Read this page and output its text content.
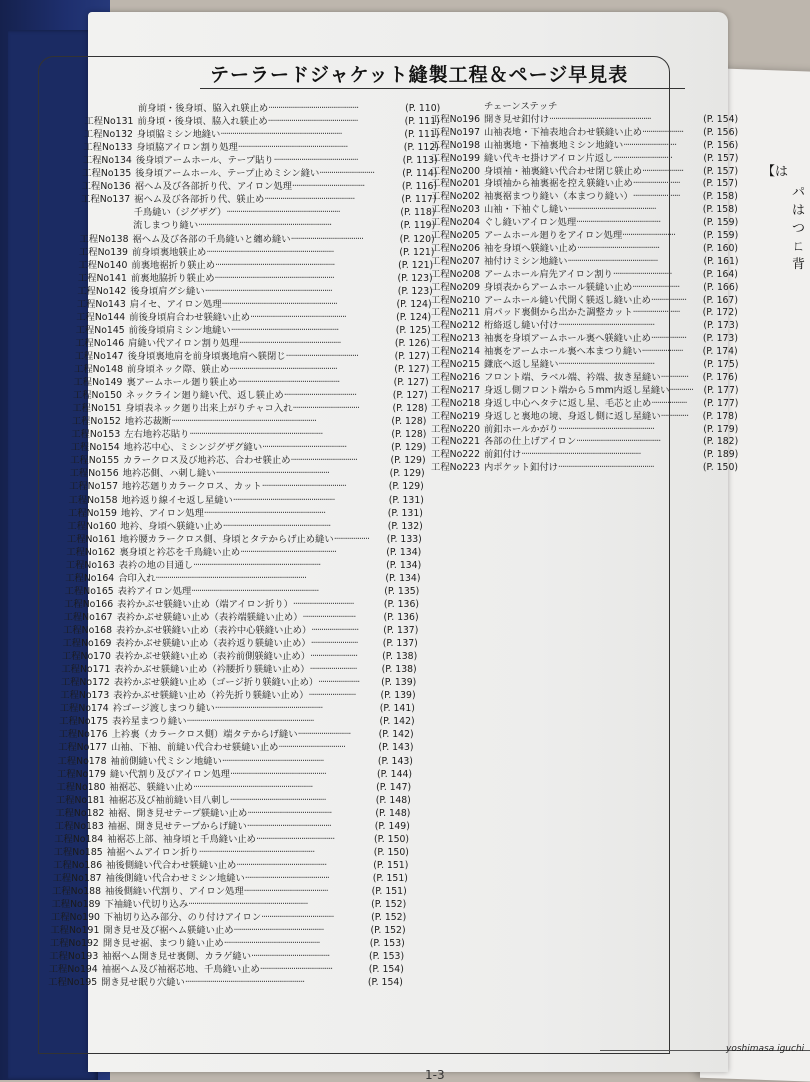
【は
パ
は
つ
ㄈ
背
テーラードジャケット縫製工程＆ページ早見表
前身頃・後身頃、脇入れ躾止め ··············································	(P. 110)
工程No131 前身頃・後身頃、脇入れ躾止め ··············································	(P. 111)
工程No132 身頃脇ミシン地縫い ······························································	(P. 111)
工程No133 身頃脇アイロン割り処理 ························································	(P. 112)
工程No134 後身頃アームホール、テープ貼り ···········································	(P. 113)
工程No135 後身頃アームホール、テープ止めミシン縫い ····························	(P. 114)
工程No136 裾ヘム及び各部折り代、アイロン処理 ·····································	(P. 116)
工程No137 裾ヘム及び各部折り代、躾止め ··············································	(P. 117)
千鳥縫い（ジグザグ） ··························································	(P. 118)
流しまつり縫い ····································································	(P. 119)
工程No138 裾ヘム及び各部の千鳥縫いと纏め縫い ·····································	(P. 120)
工程No139 前身頃裏地躾止め ·································································	(P. 121)
工程No140 前裏地裾折り躾止め ·····························································	(P. 121)
工程No141 前裏地脇折り躾止め ·····························································	(P. 123)
工程No142 後身頃肩グシ縫い ·································································	(P. 123)
工程No143 肩イセ、アイロン処理 ···························································	(P. 124)
工程No144 前後身頃肩合わせ躾縫い止め ·················································	(P. 124)
工程No145 前後身頃肩ミシン地縫い ·······················································	(P. 125)
工程No146 肩縫い代アイロン割り処理 ····················································	(P. 126)
工程No147 後身頃裏地肩を前身頃裏地肩へ躾閉じ ·····································	(P. 127)
工程No148 前身頃ネック際、躾止め ·······················································	(P. 127)
工程No149 裏アームホール廻り躾止め ····················································	(P. 127)
工程No150 ネックライン廻り縫い代、返し躾止め ·····································	(P. 127)
工程No151 身頃表ネック廻り出来上がりチャコ入れ ··································	(P. 128)
工程No152 地衿芯裁断 ··········································································	(P. 128)
工程No153 左右地衿芯貼り ····································································	(P. 128)
工程No154 地衿芯中心、ミシンジグザグ縫い ···········································	(P. 129)
工程No155 カラークロス及び地衿芯、合わせ躾止め ··································	(P. 129)
工程No156 地衿芯側、ハ刺し縫い ··························································	(P. 129)
工程No157 地衿芯廻りカラークロス、カット ···········································	(P. 129)
工程No158 地衿返り線イセ返し星縫い ····················································	(P. 131)
工程No159 地衿、アイロン処理 ······························································	(P. 131)
工程No160 地衿、身頃へ躾縫い止め ·······················································	(P. 132)
工程No161 地衿腰カラークロス側、身頃とタテからげ止め縫い ··················	(P. 133)
工程No162 裏身頃と衿芯を千鳥縫い止め ·················································	(P. 134)
工程No163 表衿の地の目通し ·································································	(P. 134)
工程No164 合印入れ ·············································································	(P. 134)
工程No165 表衿アイロン処理 ·································································	(P. 135)
工程No166 表衿かぶせ躾縫い止め（端アイロン折り） ·······························	(P. 136)
工程No167 表衿かぶせ躾縫い止め（表衿端躾縫い止め） ···························	(P. 136)
工程No168 表衿かぶせ躾縫い止め（表衿中心躾縫い止め） ························	(P. 137)
工程No169 表衿かぶせ躾縫い止め（表衿返り躾縫い止め） ························	(P. 137)
工程No170 表衿かぶせ躾縫い止め（表衿前側躾縫い止め） ························	(P. 138)
工程No171 表衿かぶせ躾縫い止め（衿腰折り躾縫い止め） ························	(P. 138)
工程No172 表衿かぶせ躾縫い止め（ゴージ折り躾縫い止め） ·····················	(P. 139)
工程No173 表衿かぶせ躾縫い止め（衿先折り躾縫い止め） ························	(P. 139)
工程No174 衿ゴージ渡しまつり縫い ·······················································	(P. 141)
工程No175 表衿星まつり縫い ·································································	(P. 142)
工程No176 上衿裏（カラークロス側）端タテからげ縫い ···························	(P. 142)
工程No177 山袖、下袖、前縫い代合わせ躾縫い止め ··································	(P. 143)
工程No178 袖前側縫い代ミシン地縫い ····················································	(P. 143)
工程No179 縫い代割り及びアイロン処理 ·················································	(P. 144)
工程No180 袖裾芯、躾縫い止め ·····························································	(P. 147)
工程No181 袖裾芯及び袖前縫い目八刺し ·················································	(P. 148)
工程No182 袖裾、開き見せテープ躾縫い止め ···········································	(P. 148)
工程No183 袖裾、開き見せテープからげ縫い ···········································	(P. 149)
工程No184 袖裾芯上部、袖身頃と千鳥縫い止め ········································	(P. 150)
工程No185 袖裾ヘムアイロン折り ···························································	(P. 150)
工程No186 袖後側縫い代合わせ躾縫い止め ··············································	(P. 151)
工程No187 袖後側縫い代合わせミシン地縫い ···········································	(P. 151)
工程No188 袖後側縫い代割り、アイロン処理 ···········································	(P. 151)
工程No189 下袖縫い代切り込み ·····························································	(P. 152)
工程No190 下袖切り込み部分、のり付けアイロン ·····································	(P. 152)
工程No191 開き見せ及び裾ヘム躾縫い止め ··············································	(P. 152)
工程No192 開き見せ裾、まつり縫い止め ·················································	(P. 153)
工程No193 袖裾ヘム開き見せ裏側、カラゲ縫い ········································	(P. 153)
工程No194 袖裾ヘム及び袖裾芯地、千鳥縫い止め ·····································	(P. 154)
工程No195 開き見せ眠り穴縫い ·····························································	(P. 154)
チェーンステッチ
工程No196 開き見せ釦付け ····················································	(P. 154)
工程No197 山袖表地・下袖表地合わせ躾縫い止め ·····················	(P. 156)
工程No198 山袖裏地・下袖裏地ミシン地縫い ···························	(P. 156)
工程No199 縫い代キセ掛けアイロン片返し ······························	(P. 157)
工程No200 身頃袖・袖裏縫い代合わせ閉じ躾止め ·····················	(P. 157)
工程No201 身頃袖から袖裏裾を控え躾縫い止め ························	(P. 157)
工程No202 袖裏裾まつり縫い（本まつり縫い） ························	(P. 158)
工程No203 山袖・下袖ぐし縫い ·············································	(P. 158)
工程No204 ぐし縫いアイロン処理 ···········································	(P. 159)
工程No205 アームホール廻りをアイロン処理 ···························	(P. 159)
工程No206 袖を身頃へ躾縫い止め ··········································	(P. 160)
工程No207 袖付けミシン地縫い ··············································	(P. 161)
工程No208 アームホール肩先アイロン割り ······························	(P. 164)
工程No209 身頃表からアームホール躾縫い止め ························	(P. 166)
工程No210 アームホール縫い代開く躾返し縫い止め ··················	(P. 167)
工程No211 肩パッド裏側から出かた調整カット ························	(P. 172)
工程No212 桁絡返し縫い付け ·················································	(P. 173)
工程No213 袖裏を身頃アームホール裏へ躾縫い止め ··················	(P. 173)
工程No214 袖裏をアームホール裏へ本まつり縫い ·····················	(P. 174)
工程No215 鎌底へ返し星縫い ·················································	(P. 175)
工程No216 フロント端、ラベル端、衿端、抜き星縫い ··············	(P. 176)
工程No217 身返し側フロント端から５mm内返し星縫い ············	(P. 177)
工程No218 身返し中心ヘタテに返し星、毛芯と止め ··················	(P. 177)
工程No219 身返しと裏地の境、身返し側に返し星縫い ··············	(P. 178)
工程No220 前釦ホールかがり ·················································	(P. 179)
工程No221 各部の仕上げアイロン ···········································	(P. 182)
工程No222 前釦付け ·····························································	(P. 189)
工程No223 内ポケット釦付け ·················································	(P. 150)
yoshimasa iguchi
1-3
